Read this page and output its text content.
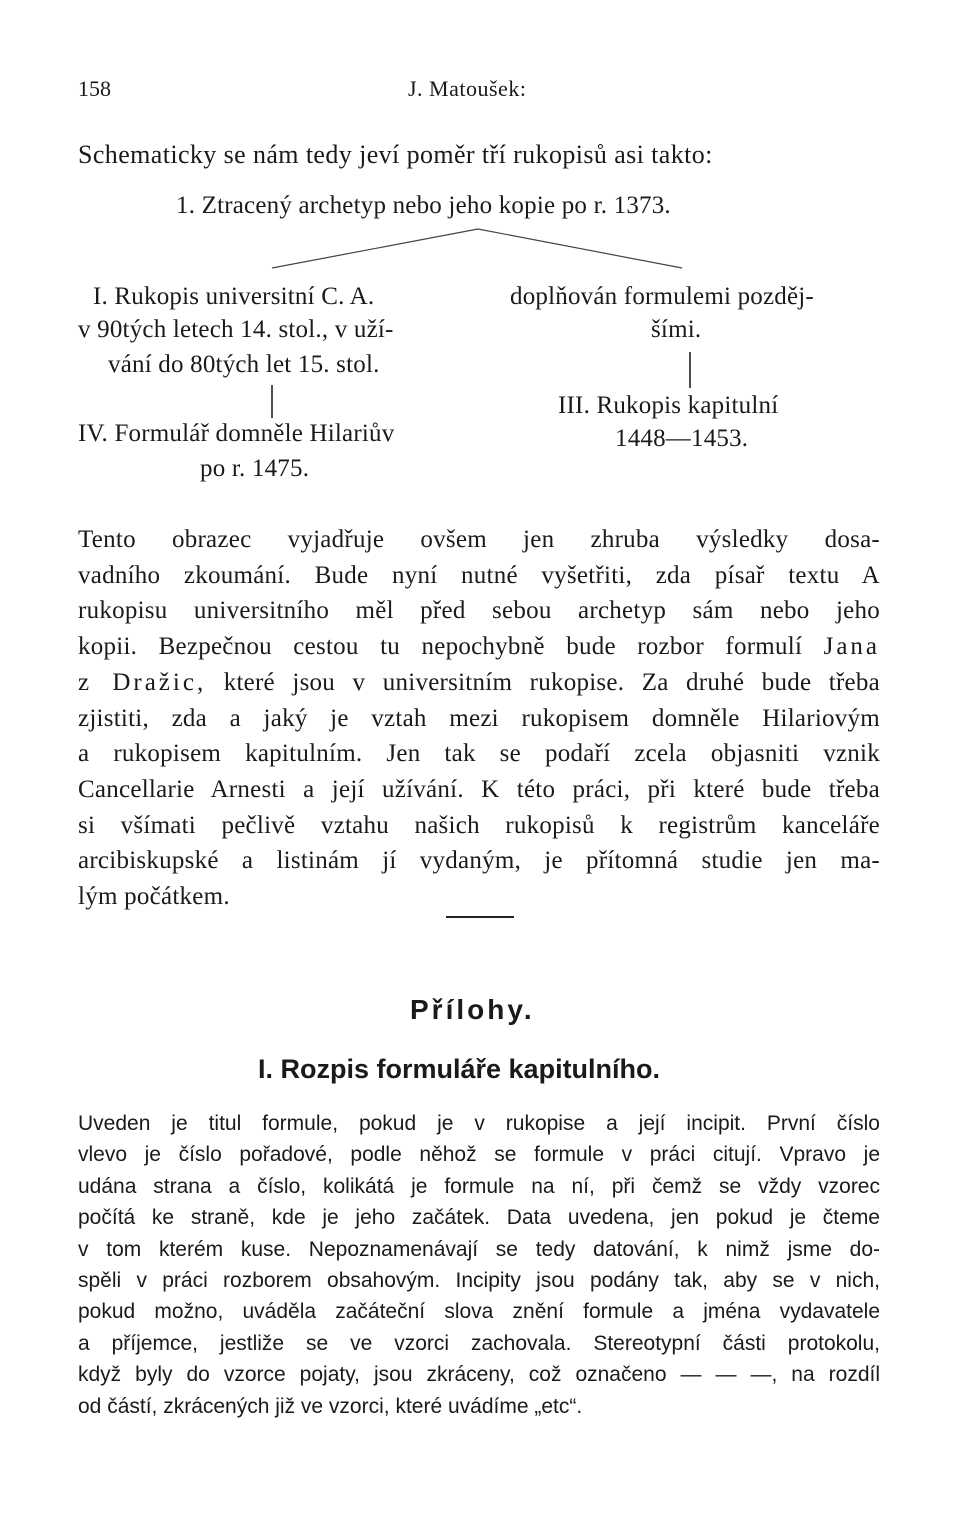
158	J. Matoušek:
Schematicky se nám tedy jeví poměr tří rukopisů asi takto:
1. Ztracený archetyp nebo jeho kopie po r. 1373.
I. Rukopis universitní C. A.
v 90tých letech 14. stol., v uží-
vání do 80tých let 15. stol.
IV. Formulář domněle Hilariův
po r. 1475.
doplňován formulemi pozděj-
šími.
III. Rukopis kapitulní
1448—1453.
Tento obrazec vyjadřuje ovšem jen zhruba výsledky dosa-
vadního zkoumání. Bude nyní nutné vyšetřiti, zda písař textu A
rukopisu universitního měl před sebou archetyp sám nebo jeho
kopii. Bezpečnou cestou tu nepochybně bude rozbor formulí Jana
z Dražic, které jsou v universitním rukopise. Za druhé bude třeba
zjistiti, zda a jaký je vztah mezi rukopisem domněle Hilariovým
a rukopisem kapitulním. Jen tak se podaří zcela objasniti vznik
Cancellarie Arnesti a její užívání. K této práci, při které bude třeba
si všímati pečlivě vztahu našich rukopisů k registrům kanceláře
arcibiskupské a listinám jí vydaným, je přítomná studie jen ma-
lým počátkem.
Přílohy.
I. Rozpis formuláře kapitulního.
Uveden je titul formule, pokud je v rukopise a její incipit. První číslo
vlevo je číslo pořadové, podle něhož se formule v práci citují. Vpravo je
udána strana a číslo, kolikátá je formule na ní, při čemž se vždy vzorec
počítá ke straně, kde je jeho začátek. Data uvedena, jen pokud je čteme
v tom kterém kuse. Nepoznamenávají se tedy datování, k nimž jsme do-
spěli v práci rozborem obsahovým. Incipity jsou podány tak, aby se v nich,
pokud možno, uváděla začáteční slova znění formule a jména vydavatele
a příjemce, jestliže se ve vzorci zachovala. Stereotypní části protokolu,
když byly do vzorce pojaty, jsou zkráceny, což označeno — — —, na rozdíl
od částí, zkrácených již ve vzorci, které uvádíme „etc“.
